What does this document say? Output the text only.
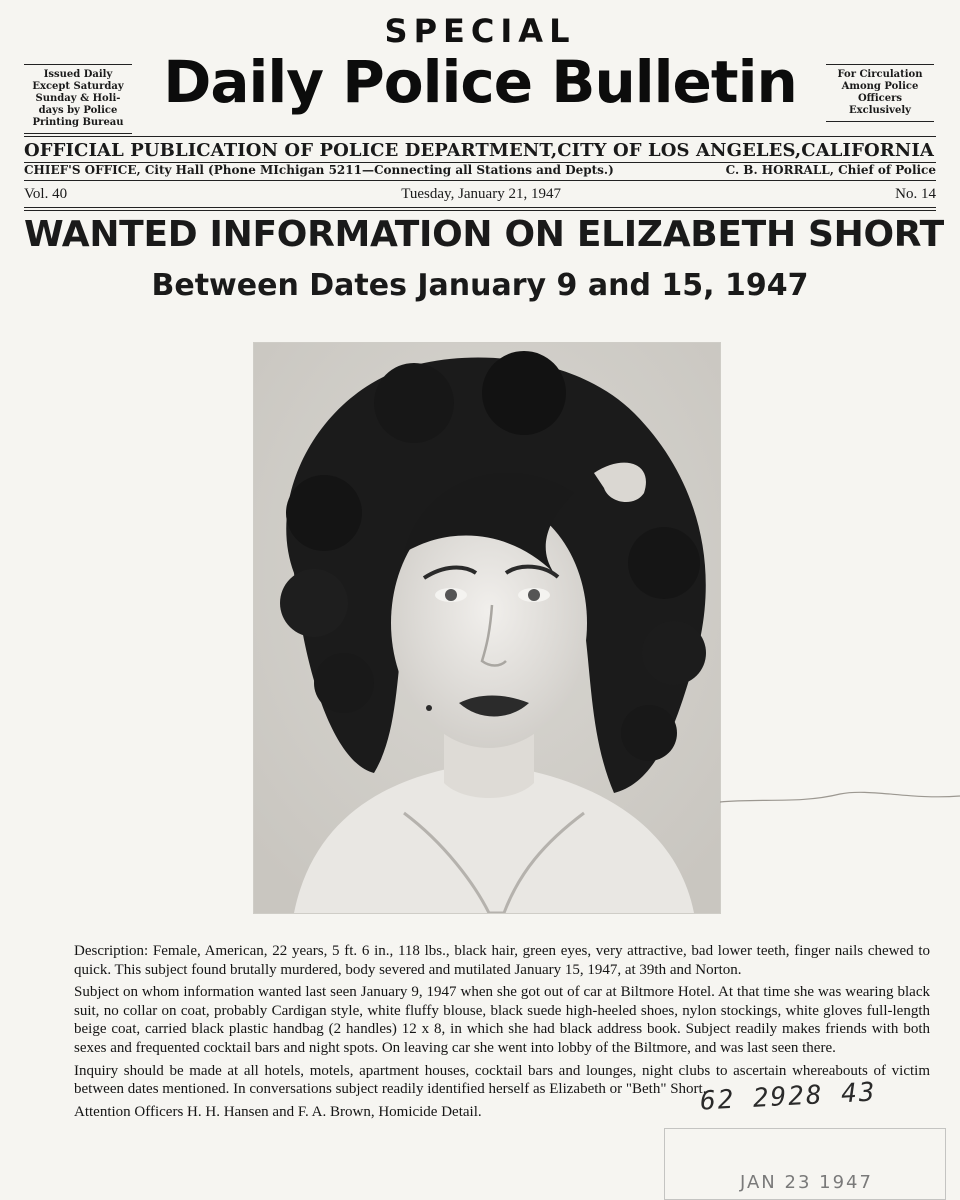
SPECIAL
Issued Daily
Except Saturday
Sunday & Holi-
days by Police
Printing Bureau
Daily Police Bulletin	For Circulation
Among Police
Officers
Exclusively
OFFICIAL PUBLICATION OF POLICE DEPARTMENT,CITY OF LOS ANGELES,CALIFORNIA
CHIEF'S OFFICE, City Hall (Phone MIchigan 5211—Connecting all Stations and Depts.)	C. B. HORRALL, Chief of Police
Vol. 40	Tuesday, January 21, 1947	No. 14
WANTED INFORMATION ON ELIZABETH SHORT
Between Dates January 9 and 15, 1947

Description: Female, American, 22 years, 5 ft. 6 in., 118 lbs., black hair, green eyes, very attractive, bad lower teeth, finger nails chewed to quick. This subject found brutally murdered, body severed and mutilated January 15, 1947, at 39th and Norton.

Subject on whom information wanted last seen January 9, 1947 when she got out of car at Biltmore Hotel. At that time she was wearing black suit, no collar on coat, probably Cardigan style, white fluffy blouse, black suede high-heeled shoes, nylon stockings, white gloves full-length beige coat, carried black plastic handbag (2 handles) 12 x 8, in which she had black address book. Subject readily makes friends with both sexes and frequented cocktail bars and night spots. On leaving car she went into lobby of the Biltmore, and was last seen there.

Inquiry should be made at all hotels, motels, apartment houses, cocktail bars and lounges, night clubs to ascertain whereabouts of victim between dates mentioned. In conversations subject readily identified herself as Elizabeth or "Beth" Short.

Attention Officers H. H. Hansen and F. A. Brown, Homicide Detail.	62 2928 43
JAN 23 1947
